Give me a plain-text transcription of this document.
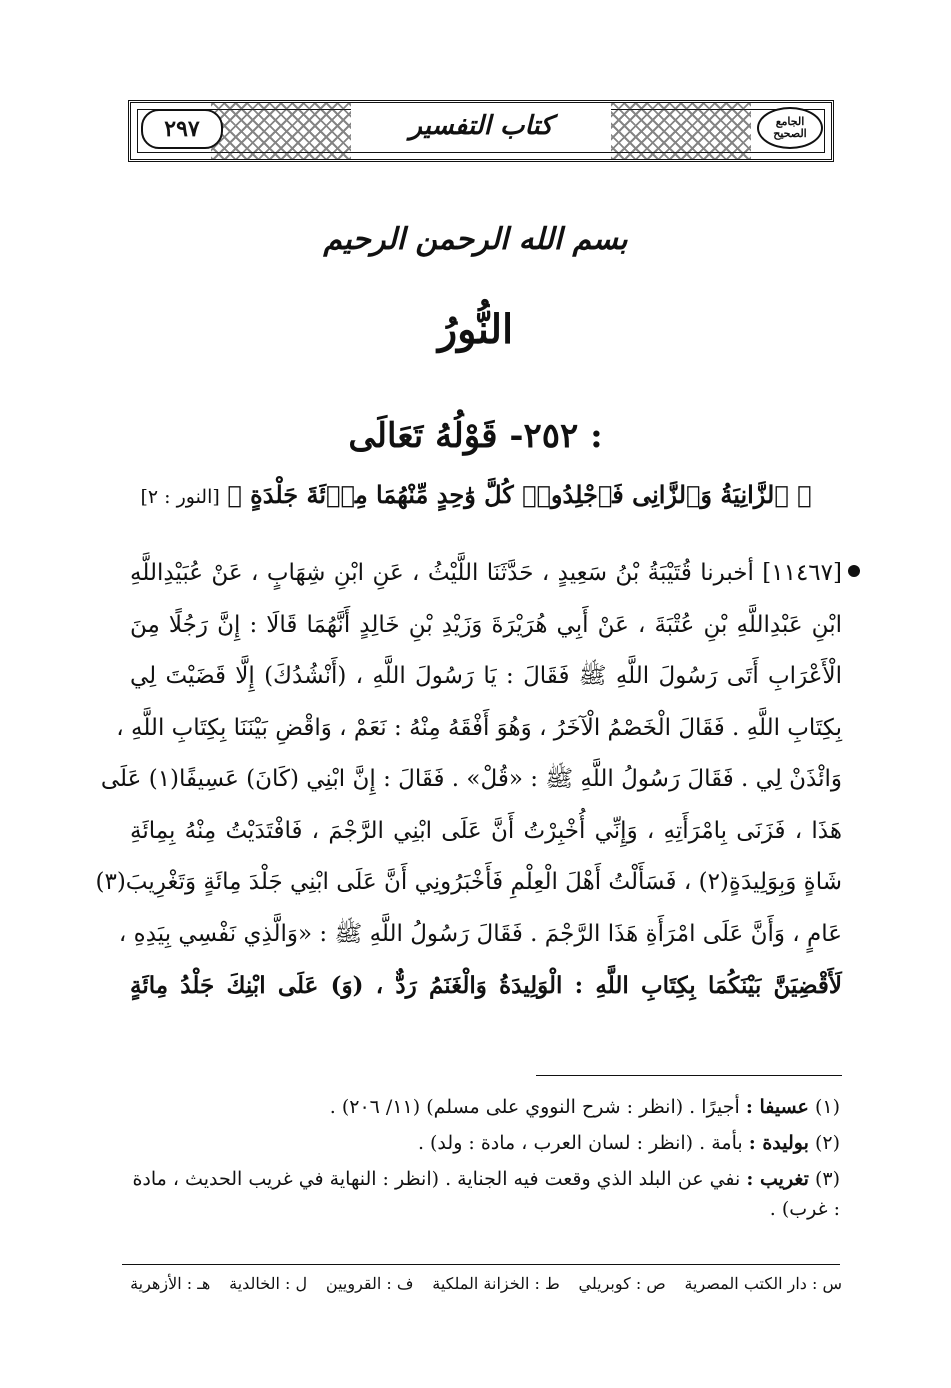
٢٩٧	كتاب التفسير	الجامع الصحيح
بسم الله الرحمن الرحيم
النُّورُ
٢٥٢- قَوْلُهُ تَعَالَى :
﴿ ٱلزَّانِيَةُ وَٱلزَّانِى فَٱجْلِدُوا۟ كُلَّ وَٰحِدٍ مِّنْهُمَا مِا۟ئَةَ جَلْدَةٍ ﴾ [النور : ٢]
[١١٤٦٧] أخبرنا قُتَيْبَةُ بْنُ سَعِيدٍ ، حَدَّثَنَا اللَّيْثُ ، عَنِ ابْنِ شِهَابٍ ، عَنْ عُبَيْدِاللَّهِ
ابْنِ عَبْدِاللَّهِ بْنِ عُتْبَةَ ، عَنْ أَبِي هُرَيْرَةَ وَزَيْدِ بْنِ خَالِدٍ أَنَّهُمَا قَالَا : إِنَّ رَجُلًا مِنَ
الْأَعْرَابِ أَتَى رَسُولَ اللَّهِ ﷺ فَقَالَ : يَا رَسُولَ اللَّهِ ، (أَنْشُدُكَ) إِلَّا قَضَيْتَ لِي
بِكِتَابِ اللَّهِ . فَقَالَ الْخَصْمُ الْآخَرُ ، وَهُوَ أَفْقَهُ مِنْهُ : نَعَمْ ، وَاقْضِ بَيْنَنَا بِكِتَابِ اللَّهِ ،
وَائْذَنْ لِي . فَقَالَ رَسُولُ اللَّهِ ﷺ : «قُلْ» . فَقَالَ : إِنَّ ابْنِي (كَانَ) عَسِيفًا(١) عَلَى
هَذَا ، فَزَنَى بِامْرَأَتِهِ ، وَإِنِّي أُخْبِرْتُ أَنَّ عَلَى ابْنِي الرَّجْمَ ، فَافْتَدَيْتُ مِنْهُ بِمِائَةِ
شَاةٍ وَبِوَلِيدَةٍ(٢) ، فَسَأَلْتُ أَهْلَ الْعِلْمِ فَأَخْبَرُونِي أَنَّ عَلَى ابْنِي جَلْدَ مِائَةٍ وَتَغْرِيبَ(٣)
عَامٍ ، وَأَنَّ عَلَى امْرَأَةِ هَذَا الرَّجْمَ . فَقَالَ رَسُولُ اللَّهِ ﷺ : «وَالَّذِي نَفْسِي بِيَدِهِ ،
لَأَقْضِيَنَّ بَيْنَكُمَا بِكِتَابِ اللَّهِ : الْوَلِيدَةُ وَالْغَنَمُ رَدٌّ ، (وَ) عَلَى ابْنِكَ جَلْدُ مِائَةٍ
(١) عسيفا : أجيرًا . (انظر : شرح النووي على مسلم) (١١/ ٢٠٦) .
(٢) بوليدة : بأمة . (انظر : لسان العرب ، مادة : ولد) .
(٣) تغريب : نفي عن البلد الذي وقعت فيه الجناية . (انظر : النهاية في غريب الحديث ، مادة : غرب) .
س : دار الكتب المصرية
ص : كوبريلي
ط : الخزانة الملكية
ف : القرويين
ل : الخالدية
هـ : الأزهرية
